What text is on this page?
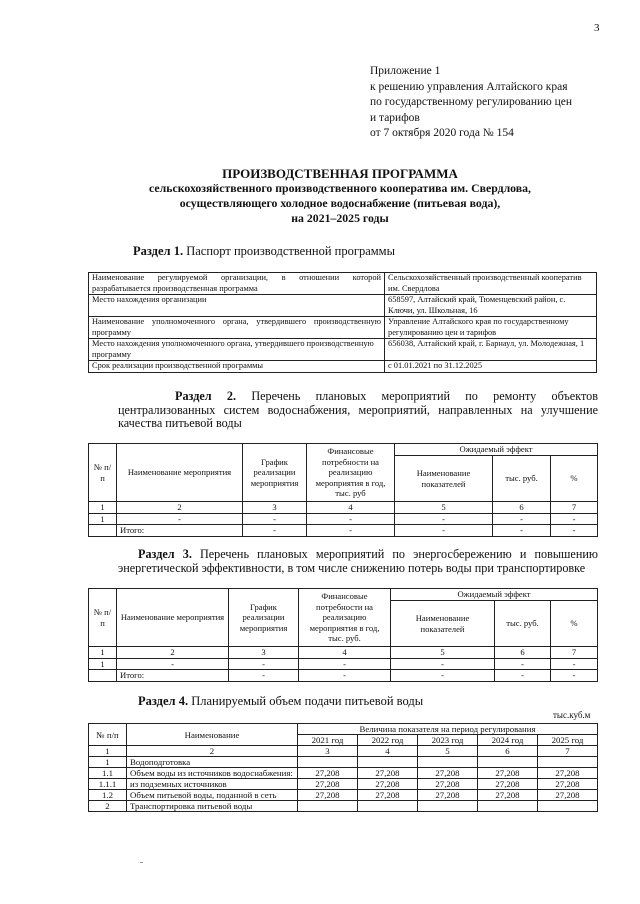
3
Приложение 1
к решению управления Алтайского края
по государственному регулированию цен
и тарифов
от 7 октября 2020 года № 154
ПРОИЗВОДСТВЕННАЯ ПРОГРАММА
сельскохозяйственного производственного кооператива им. Свердлова,
осуществляющего холодное водоснабжение (питьевая вода),
на 2021–2025 годы
Раздел 1. Паспорт производственной программы
Наименование регулируемой организации, в отношении которой разрабатывается производственная программа	Сельскохозяйственный производственный кооператив им. Свердлова
Место нахождения организации	658597, Алтайский край, Тюменцевский район, с. Ключи, ул. Школьная, 16
Наименование уполномоченного органа, утвердившего производственную программу	Управление Алтайского края по государственному регулированию цен и тарифов
Место нахождения уполномоченного органа, утвердившего производственную программу	656038, Алтайский край, г. Барнаул, ул. Молодежная, 1
Срок реализации производственной программы	с 01.01.2021 по 31.12.2025
Раздел 2. Перечень плановых мероприятий по ремонту объектов централизованных систем водоснабжения, мероприятий, направленных на улучшение качества питьевой воды
№ п/п	Наименование мероприятия	График реализации мероприятия	Финансовые потребности на реализацию мероприятия в год, тыс. руб	Ожидаемый эффект		
				Наименование показателей	тыс. руб.	%
1	2	3	4	5	6	7
1	-	-	-	-	-	-
	Итого:	-	-	-	-	-
Раздел 3. Перечень плановых мероприятий по энергосбережению и повышению энергетической эффективности, в том числе снижению потерь воды при транспортировке
№ п/п	Наименование мероприятия	График реализации мероприятия	Финансовые потребности на реализацию мероприятия в год, тыс. руб.	Ожидаемый эффект		
				Наименование показателей	тыс. руб.	%
1	2	3	4	5	6	7
1	-	-	-	-	-	-
	Итого:	-	-	-	-	-
Раздел 4. Планируемый объем подачи питьевой воды
тыс.куб.м
№ п/п	Наименование	Величина показателя на период регулирования				
		2021 год	2022 год	2023 год	2024 год	2025 год
1	2	3	4	5	6	7
1	Водоподготовка					
1.1	Объем воды из источников водоснабжения:	27,208	27,208	27,208	27,208	27,208
1.1.1	из подземных источников	27,208	27,208	27,208	27,208	27,208
1.2	Объем питьевой воды, поданной в сеть	27,208	27,208	27,208	27,208	27,208
2	Транспортировка питьевой воды					
